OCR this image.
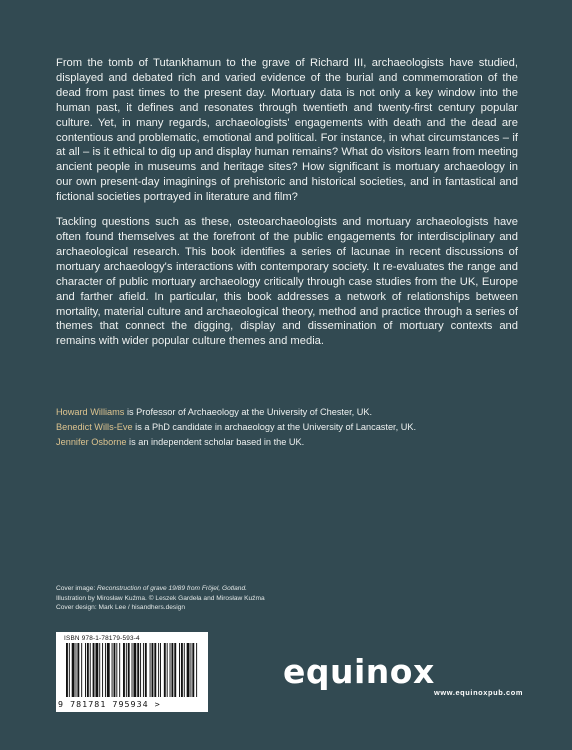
From the tomb of Tutankhamun to the grave of Richard III, archaeologists have studied, displayed and debated rich and varied evidence of the burial and commemoration of the dead from past times to the present day. Mortuary data is not only a key window into the human past, it defines and resonates through twentieth and twenty-first century popular culture. Yet, in many regards, archaeologists' engagements with death and the dead are contentious and problematic, emotional and political. For instance, in what circumstances – if at all – is it ethical to dig up and display human remains? What do visitors learn from meeting ancient people in museums and heritage sites? How significant is mortuary archaeology in our own present-day imaginings of prehistoric and historical societies, and in fantastical and fictional societies portrayed in literature and film?

Tackling questions such as these, osteoarchaeologists and mortuary archaeologists have often found themselves at the forefront of the public engagements for interdisciplinary and archaeological research. This book identifies a series of lacunae in recent discussions of mortuary archaeology's interactions with contemporary society. It re-evaluates the range and character of public mortuary archaeology critically through case studies from the UK, Europe and farther afield. In particular, this book addresses a network of relationships between mortality, material culture and archaeological theory, method and practice through a series of themes that connect the digging, display and dissemination of mortuary contexts and remains with wider popular culture themes and media.

Howard Williams is Professor of Archaeology at the University of Chester, UK.
Benedict Wills-Eve is a PhD candidate in archaeology at the University of Lancaster, UK.
Jennifer Osborne is an independent scholar based in the UK.
Cover image: Reconstruction of grave 19/89 from Fröjel, Gotland.
Illustration by Mirosław Kuźma. © Leszek Gardeła and Mirosław Kuźma
Cover design: Mark Lee / hisandhers.design
ISBN 978-1-78179-593-4
9 781781 795934 >
equinox
www.equinoxpub.com
